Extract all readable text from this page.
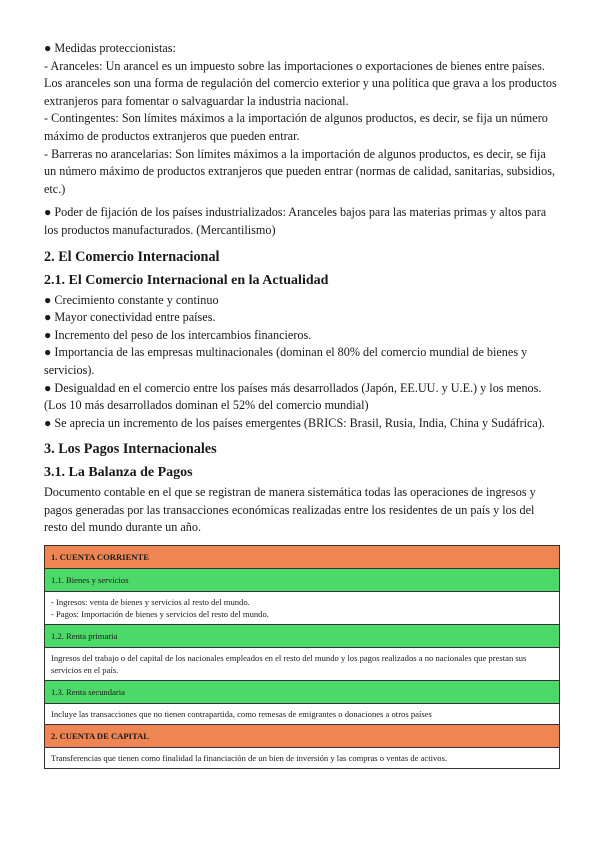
● Medidas proteccionistas:

- Aranceles: Un arancel es un impuesto sobre las importaciones o exportaciones de bienes entre países. Los aranceles son una forma de regulación del comercio exterior y una política que grava a los productos extranjeros para fomentar o salvaguardar la industria nacional.

- Contingentes: Son límites máximos a la importación de algunos productos, es decir, se fija un número máximo de productos extranjeros que pueden entrar.

- Barreras no arancelarias: Son límites máximos a la importación de algunos productos, es decir, se fija un número máximo de productos extranjeros que pueden entrar (normas de calidad, sanitarias, subsidios, etc.)

● Poder de fijación de los países industrializados: Aranceles bajos para las materias primas y altos para los productos manufacturados. (Mercantilismo)

2. El Comercio Internacional
2.1. El Comercio Internacional en la Actualidad

● Crecimiento constante y continuo

● Mayor conectividad entre países.

● Incremento del peso de los intercambios financieros.

● Importancia de las empresas multinacionales (dominan el 80% del comercio mundial de bienes y servicios).

● Desigualdad en el comercio entre los países más desarrollados (Japón, EE.UU. y U.E.) y los menos. (Los 10 más desarrollados dominan el 52% del comercio mundial)

● Se aprecia un incremento de los países emergentes (BRICS: Brasil, Rusia, India, China y Sudáfrica).

3. Los Pagos Internacionales
3.1. La Balanza de Pagos

Documento contable en el que se registran de manera sistemática todas las operaciones de ingresos y pagos generadas por las transacciones económicas realizadas entre los residentes de un país y los del resto del mundo durante un año.

1. CUENTA CORRIENTE
1.1. Bienes y servicios

- Ingresos: venta de bienes y servicios al resto del mundo.
- Pagos: Importación de bienes y servicios del resto del mundo.

1.2. Renta primaria
Ingresos del trabajo o del capital de los nacionales empleados en el resto del mundo y los pagos realizados a no nacionales que prestan sus servicios en el país.
1.3. Renta secundaria
Incluye las transacciones que no tienen contrapartida, como remesas de emigrantes o donaciones a otros países
2. CUENTA DE CAPITAL
Transferencias que tienen como finalidad la financiación de un bien de inversión y las compras o ventas de activos.
